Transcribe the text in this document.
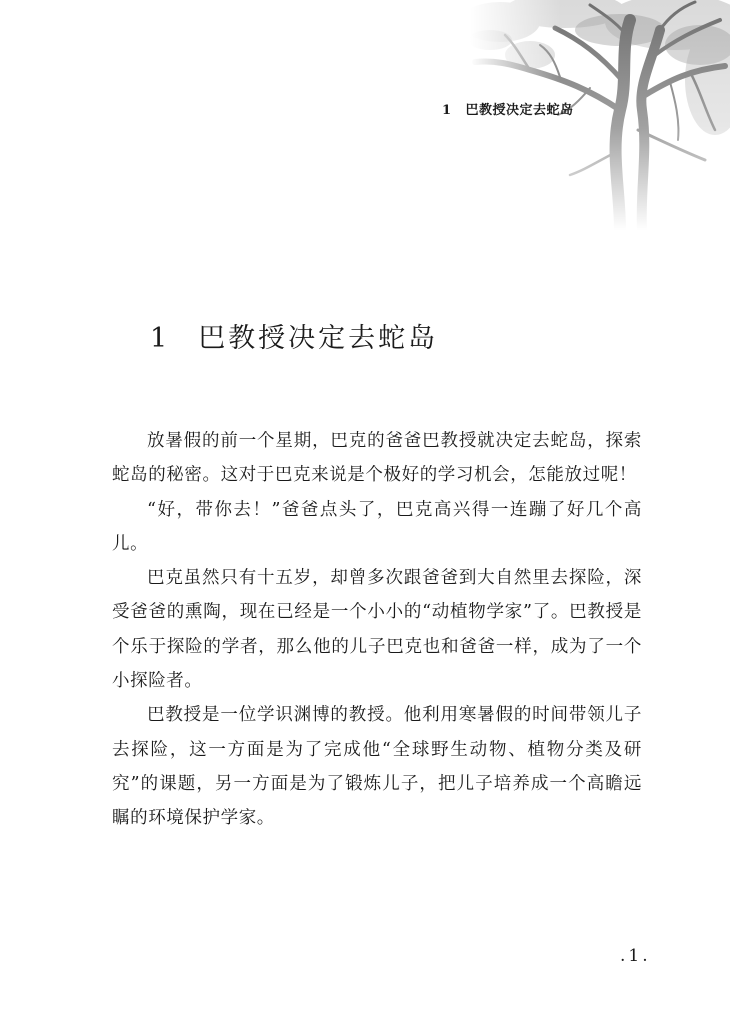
1 巴教授决定去蛇岛
1 巴教授决定去蛇岛

放暑假的前一个星期，巴克的爸爸巴教授就决定去蛇岛，探索蛇岛的秘密。这对于巴克来说是个极好的学习机会，怎能放过呢！

“好，带你去！”爸爸点头了，巴克高兴得一连蹦了好几个高儿。

巴克虽然只有十五岁，却曾多次跟爸爸到大自然里去探险，深受爸爸的熏陶，现在已经是一个小小的“动植物学家”了。巴教授是个乐于探险的学者，那么他的儿子巴克也和爸爸一样，成为了一个小探险者。

巴教授是一位学识渊博的教授。他利用寒暑假的时间带领儿子去探险，这一方面是为了完成他“全球野生动物、植物分类及研究”的课题，另一方面是为了锻炼儿子，把儿子培养成一个高瞻远瞩的环境保护学家。

.1.
